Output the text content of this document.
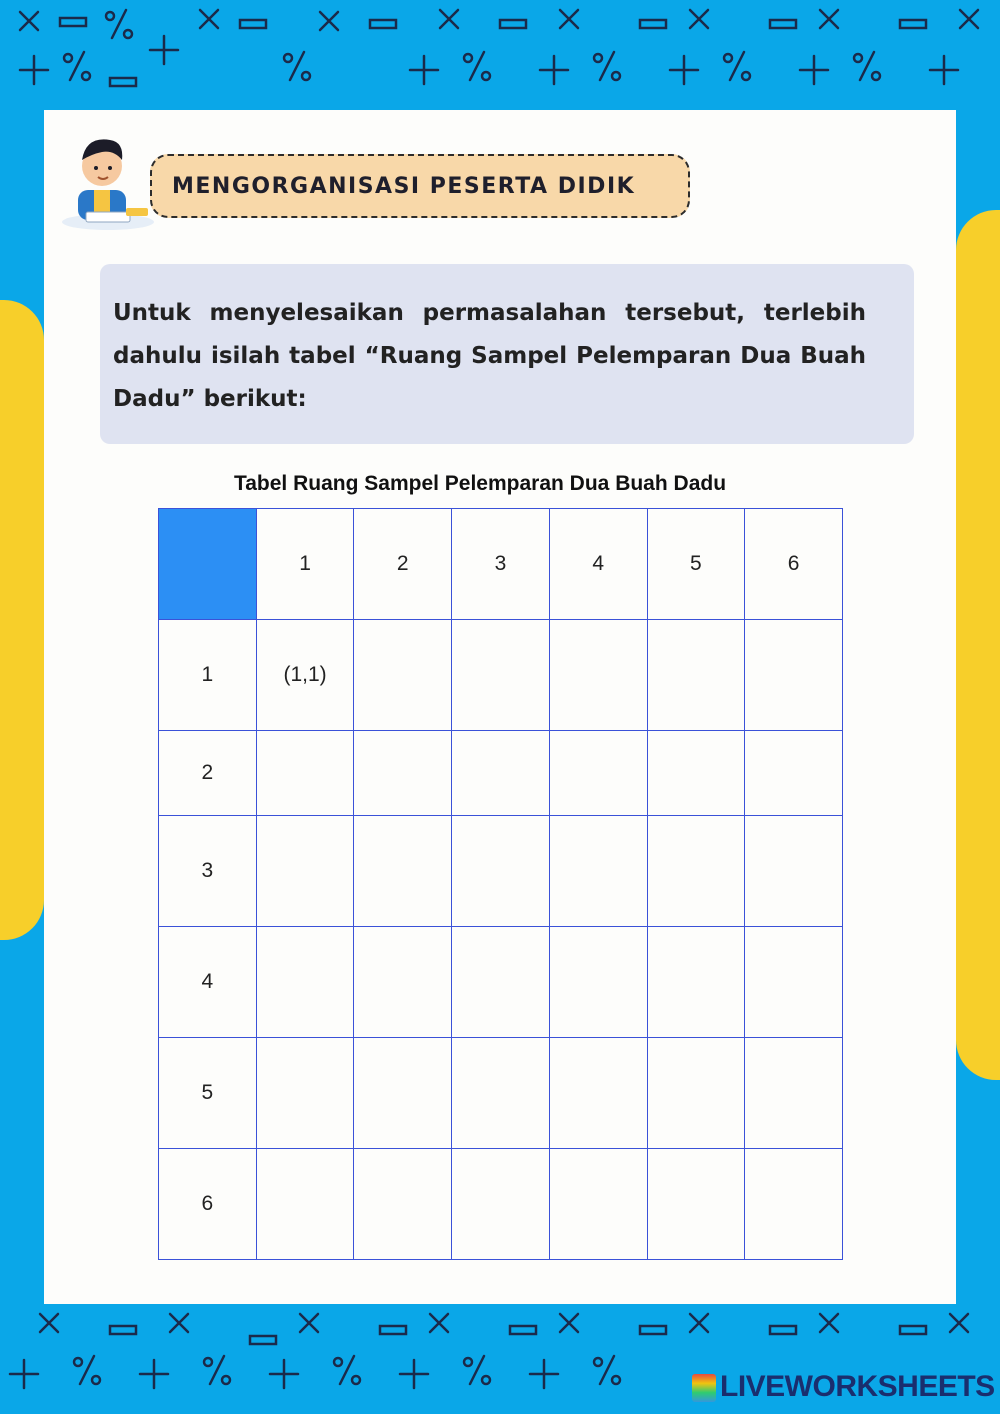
MENGORGANISASI PESERTA DIDIK

Untuk menyelesaikan permasalahan tersebut, terlebih dahulu isilah tabel “Ruang Sampel Pelemparan Dua Buah Dadu” berikut:

Tabel Ruang Sampel Pelemparan Dua Buah Dadu
	1	2	3	4	5	6
1	(1,1)					
2						
3						
4						
5						
6						
LIVEWORKSHEETS
